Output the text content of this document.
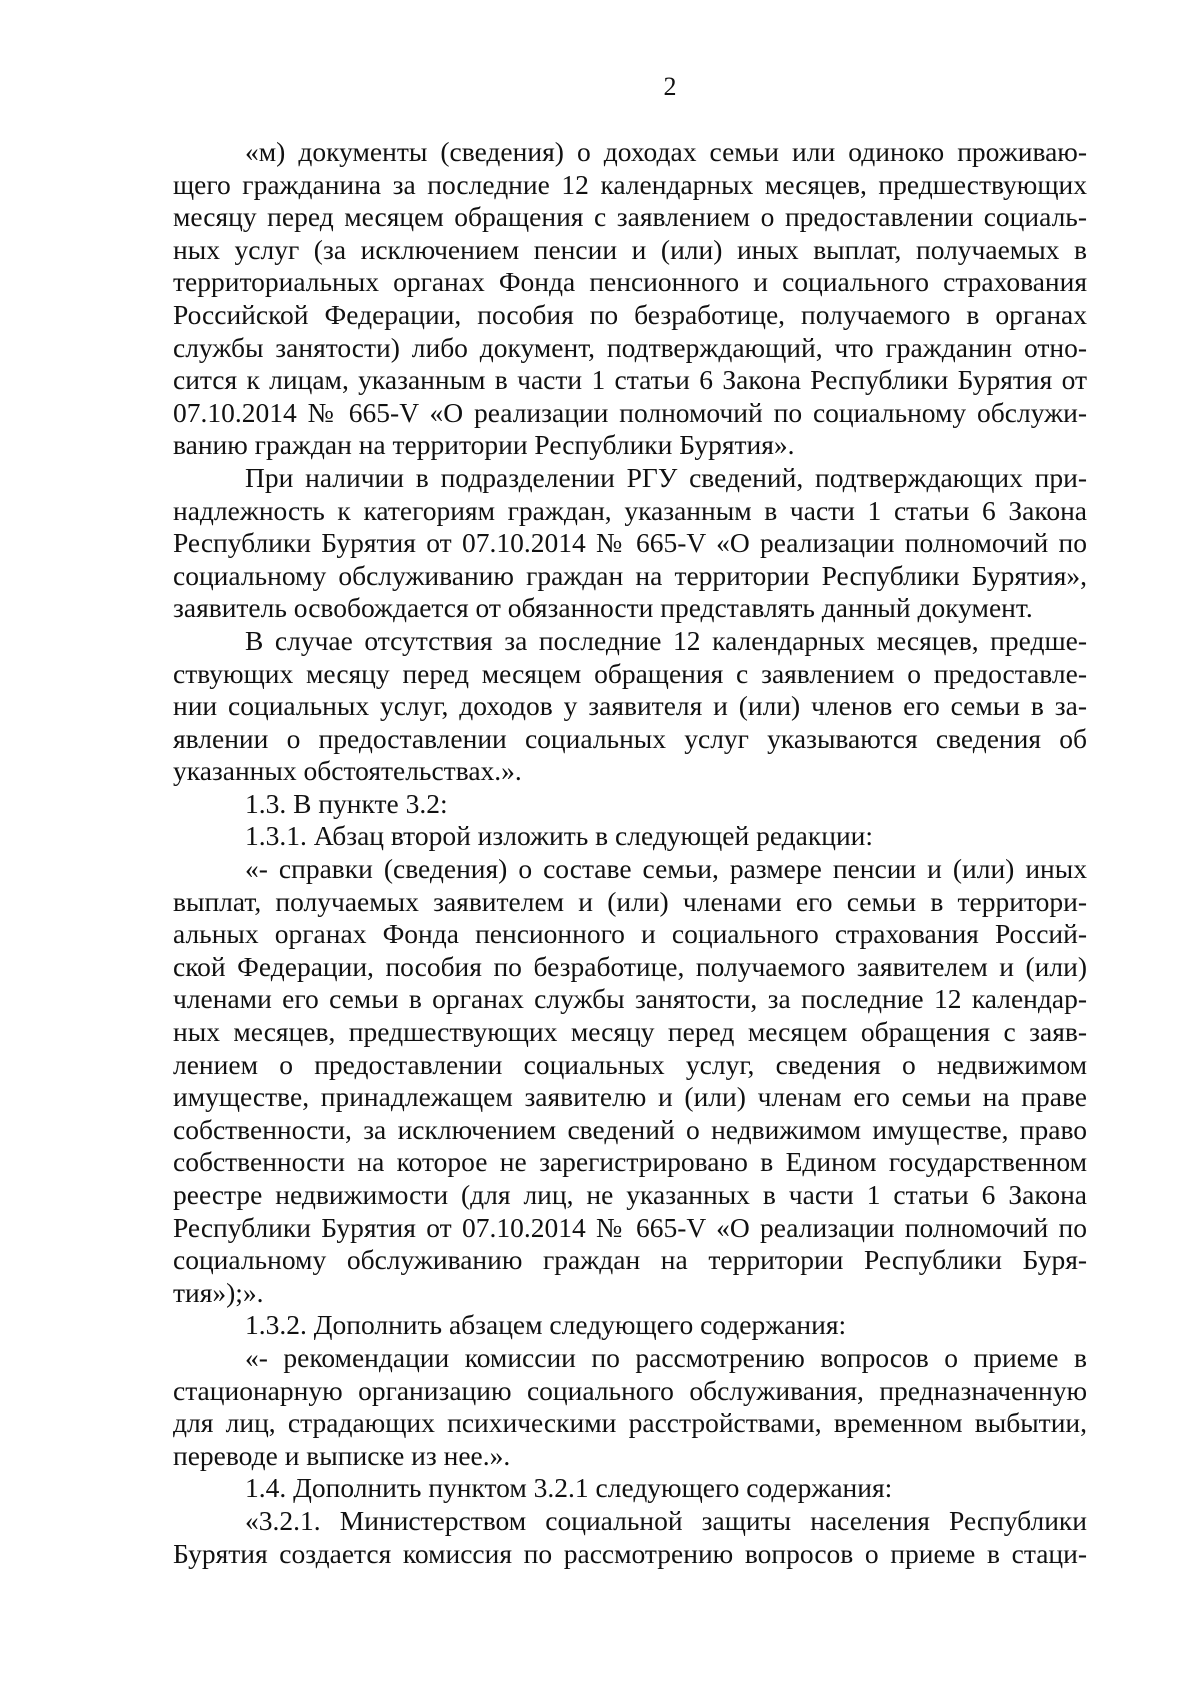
2
«м) документы (сведения) о доходах семьи или одиноко проживаю-
щего гражданина за последние 12 календарных месяцев, предшествующих
месяцу перед месяцем обращения с заявлением о предоставлении социаль-
ных услуг (за исключением пенсии и (или) иных выплат, получаемых в
территориальных органах Фонда пенсионного и социального страхования
Российской Федерации, пособия по безработице, получаемого в органах
службы занятости) либо документ, подтверждающий, что гражданин отно-
сится к лицам, указанным в части 1 статьи 6 Закона Республики Бурятия от
07.10.2014 № 665-V «О реализации полномочий по социальному обслужи-
ванию граждан на территории Республики Бурятия».
При наличии в подразделении РГУ сведений, подтверждающих при-
надлежность к категориям граждан, указанным в части 1 статьи 6 Закона
Республики Бурятия от 07.10.2014 № 665-V «О реализации полномочий по
социальному обслуживанию граждан на территории Республики Бурятия»,
заявитель освобождается от обязанности представлять данный документ.
В случае отсутствия за последние 12 календарных месяцев, предше-
ствующих месяцу перед месяцем обращения с заявлением о предоставле-
нии социальных услуг, доходов у заявителя и (или) членов его семьи в за-
явлении о предоставлении социальных услуг указываются сведения об
указанных обстоятельствах.».
1.3. В пункте 3.2:
1.3.1. Абзац второй изложить в следующей редакции:
«- справки (сведения) о составе семьи, размере пенсии и (или) иных
выплат, получаемых заявителем и (или) членами его семьи в территори-
альных органах Фонда пенсионного и социального страхования Россий-
ской Федерации, пособия по безработице, получаемого заявителем и (или)
членами его семьи в органах службы занятости, за последние 12 календар-
ных месяцев, предшествующих месяцу перед месяцем обращения с заяв-
лением о предоставлении социальных услуг, сведения о недвижимом
имуществе, принадлежащем заявителю и (или) членам его семьи на праве
собственности, за исключением сведений о недвижимом имуществе, право
собственности на которое не зарегистрировано в Едином государственном
реестре недвижимости (для лиц, не указанных в части 1 статьи 6 Закона
Республики Бурятия от 07.10.2014 № 665-V «О реализации полномочий по
социальному обслуживанию граждан на территории Республики Буря-
тия»);».
1.3.2. Дополнить абзацем следующего содержания:
«- рекомендации комиссии по рассмотрению вопросов о приеме в
стационарную организацию социального обслуживания, предназначенную
для лиц, страдающих психическими расстройствами, временном выбытии,
переводе и выписке из нее.».
1.4. Дополнить пунктом 3.2.1 следующего содержания:
«3.2.1. Министерством социальной защиты населения Республики
Бурятия создается комиссия по рассмотрению вопросов о приеме в стаци-
